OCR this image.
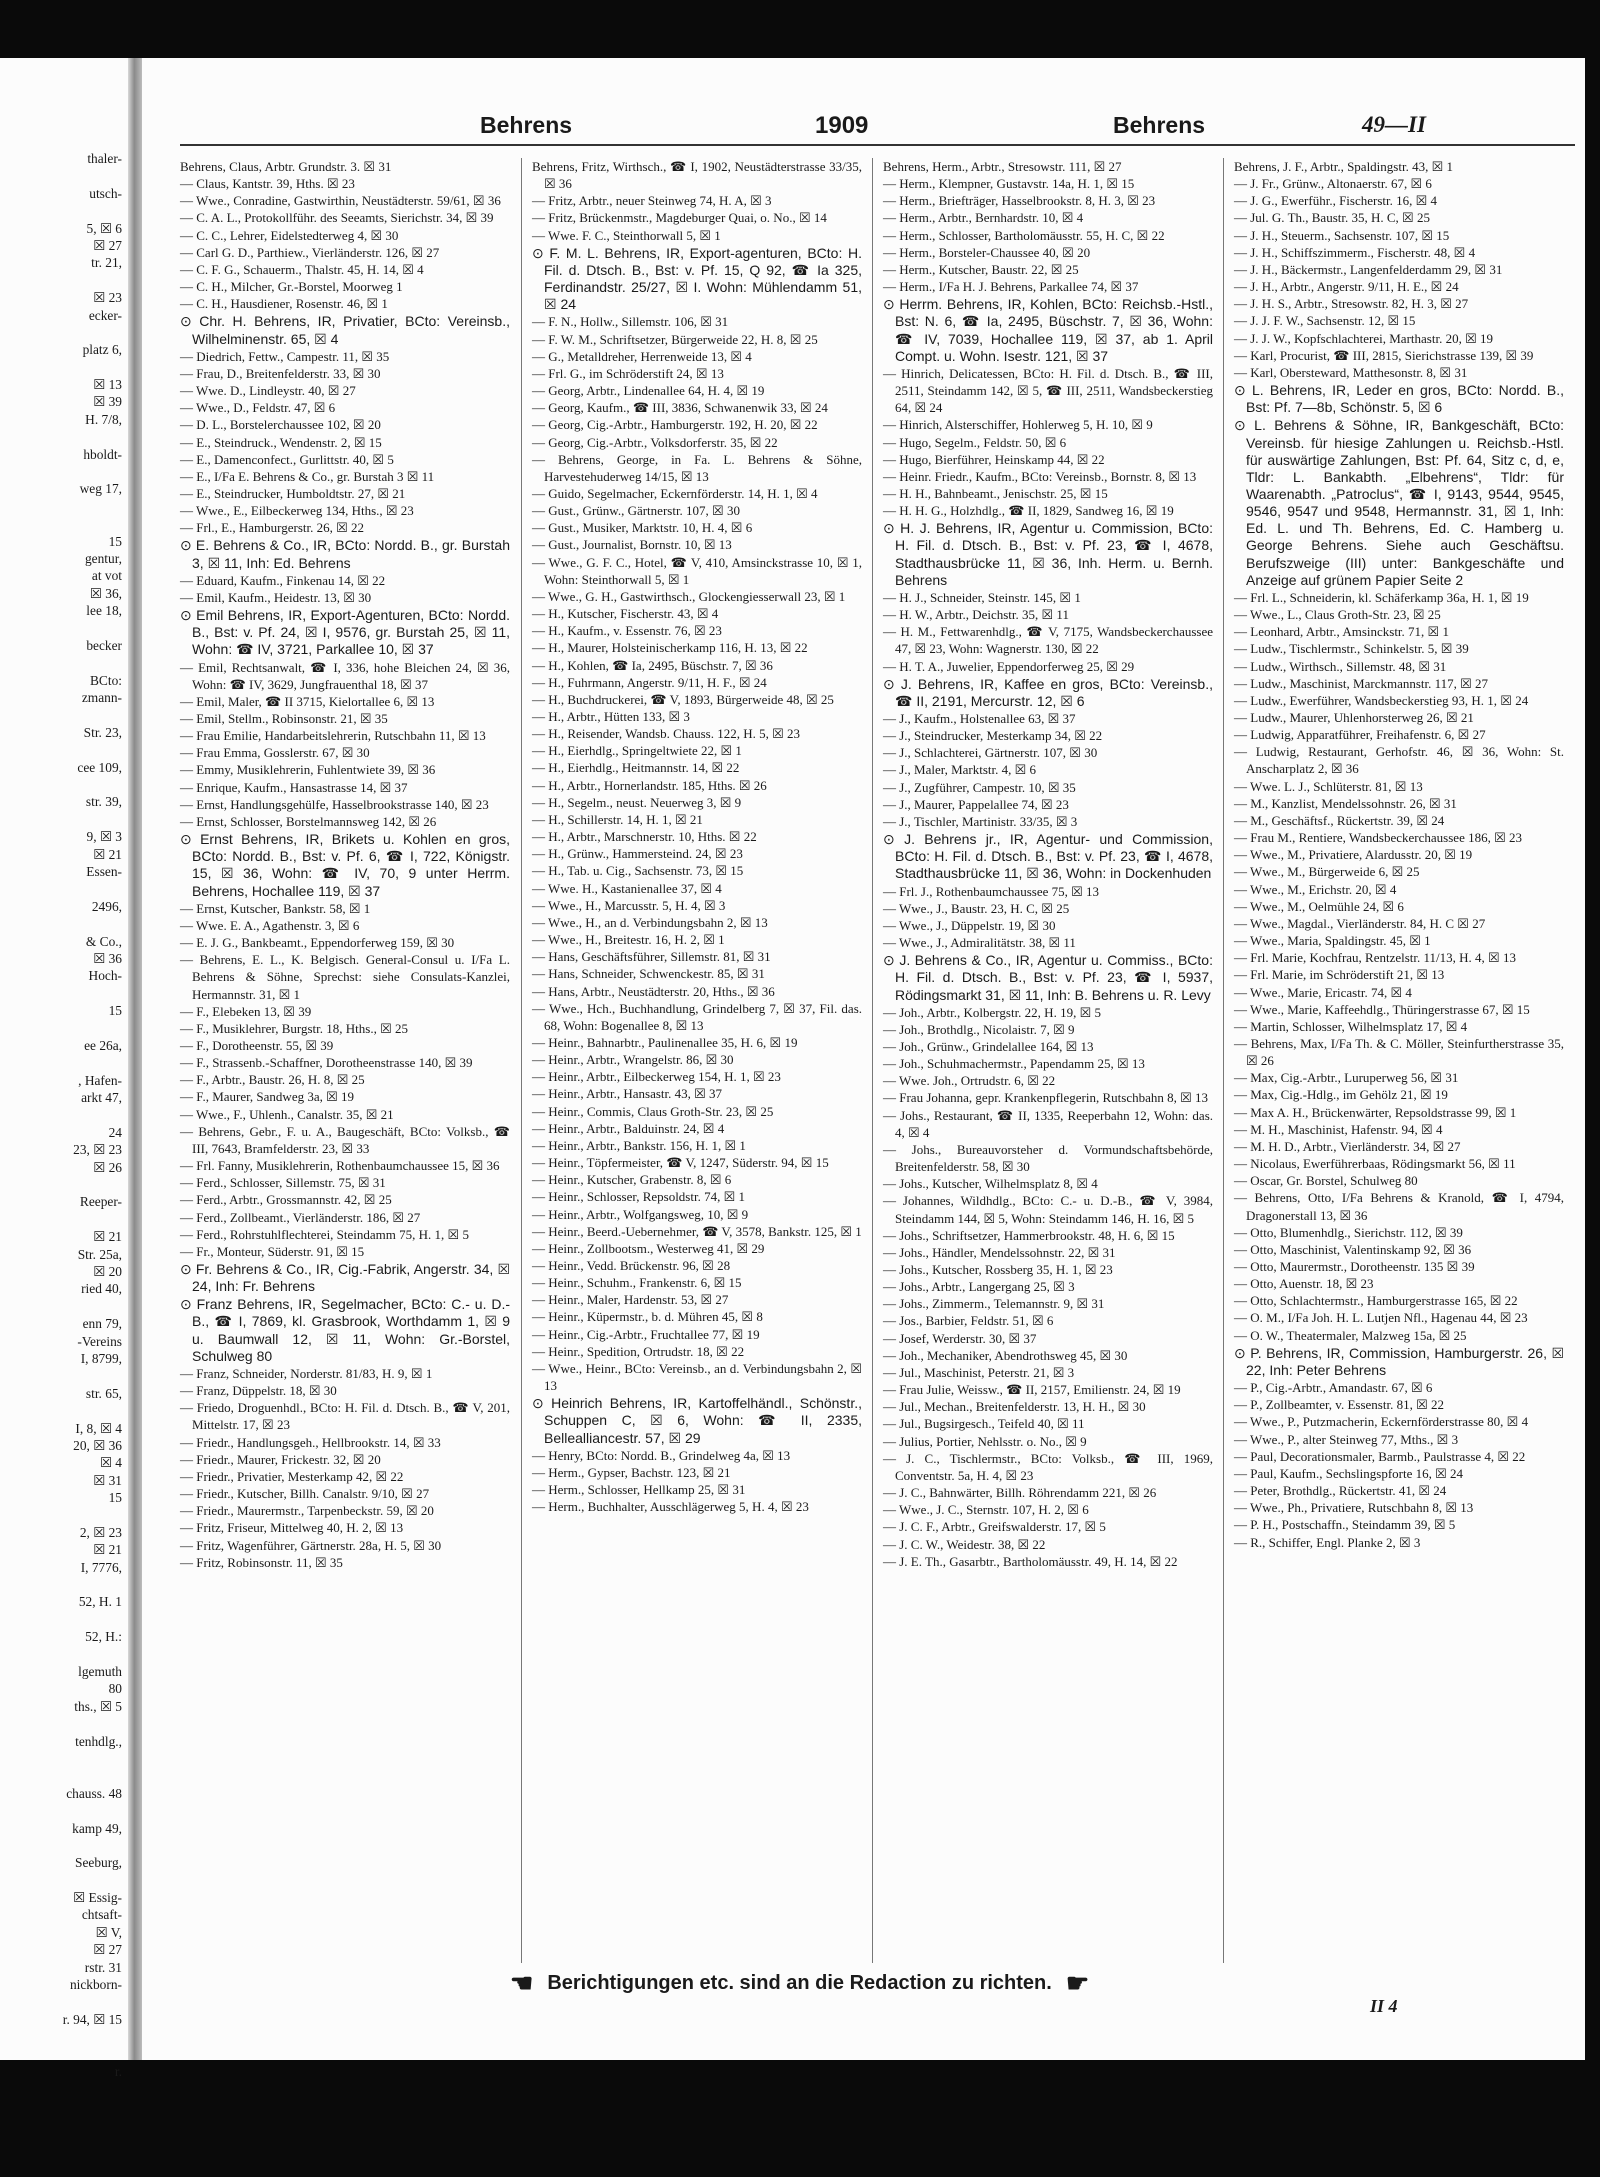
thaler-
utsch-
5, ☒ 6
☒ 27
tr. 21,
☒ 23
ecker-
platz 6,
☒ 13
☒ 39
H. 7/8,
hboldt-
weg 17,
15
gentur,
at vot
☒ 36,
lee 18,
becker
BCto:
zmann-
Str. 23,
cee 109,
str. 39,
9, ☒ 3
☒ 21
Essen-
2496,
& Co.,
☒ 36
Hoch-
15
ee 26a,
, Hafen-
arkt 47,
24
23, ☒ 23
☒ 26
Reeper-
☒ 21
Str. 25a,
☒ 20
ried 40,
enn 79,
-Vereins
I, 8799,
str. 65,
I, 8, ☒ 4
20, ☒ 36
☒ 4
☒ 31
15
2, ☒ 23
☒ 21
I, 7776,
52, H. 1
52, H.:
lgemuth
80
ths., ☒ 5
tenhdlg.,
chauss. 48
kamp 49,
Seeburg,
☒ Essig-
chtsaft-
☒ V,
☒ 27
rstr. 31
nickborn-
r. 94, ☒ 15
r.
Behrens	1909	Behrens	49—II

Behrens, Claus, Arbtr. Grundstr. 3. ☒ 31

— Claus, Kantstr. 39, Hths. ☒ 23

— Wwe., Conradine, Gastwirthin, Neustädterstr. 59/61, ☒ 36

— C. A. L., Protokollführ. des Seeamts, Sierichstr. 34, ☒ 39

— C. C., Lehrer, Eidelstedterweg 4, ☒ 30

— Carl G. D., Parthiew., Vierländerstr. 126, ☒ 27

— C. F. G., Schauerm., Thalstr. 45, H. 14, ☒ 4

— C. H., Milcher, Gr.-Borstel, Moorweg 1

— C. H., Hausdiener, Rosenstr. 46, ☒ 1

⊙ Chr. H. Behrens, IR, Privatier, BCto: Vereinsb., Wilhelminenstr. 65, ☒ 4

— Diedrich, Fettw., Campestr. 11, ☒ 35

— Frau, D., Breitenfelderstr. 33, ☒ 30

— Wwe. D., Lindleystr. 40, ☒ 27

— Wwe., D., Feldstr. 47, ☒ 6

— D. L., Borstelerchaussee 102, ☒ 20

— E., Steindruck., Wendenstr. 2, ☒ 15

— E., Damenconfect., Gurlittstr. 40, ☒ 5

— E., I/Fa E. Behrens & Co., gr. Burstah 3 ☒ 11

— E., Steindrucker, Humboldtstr. 27, ☒ 21

— Wwe., E., Eilbeckerweg 134, Hths., ☒ 23

— Frl., E., Hamburgerstr. 26, ☒ 22

⊙ E. Behrens & Co., IR, BCto: Nordd. B., gr. Burstah 3, ☒ 11, Inh: Ed. Behrens

— Eduard, Kaufm., Finkenau 14, ☒ 22

— Emil, Kaufm., Heidestr. 13, ☒ 30

⊙ Emil Behrens, IR, Export-Agenturen, BCto: Nordd. B., Bst: v. Pf. 24, ☒ I, 9576, gr. Burstah 25, ☒ 11, Wohn: ☎ IV, 3721, Parkallee 10, ☒ 37

— Emil, Rechtsanwalt, ☎ I, 336, hohe Bleichen 24, ☒ 36, Wohn: ☎ IV, 3629, Jungfrauenthal 18, ☒ 37

— Emil, Maler, ☎ II 3715, Kielortallee 6, ☒ 13

— Emil, Stellm., Robinsonstr. 21, ☒ 35

— Frau Emilie, Handarbeitslehrerin, Rutschbahn 11, ☒ 13

— Frau Emma, Gosslerstr. 67, ☒ 30

— Emmy, Musiklehrerin, Fuhlentwiete 39, ☒ 36

— Enrique, Kaufm., Hansastrasse 14, ☒ 37

— Ernst, Handlungsgehülfe, Hasselbrookstrasse 140, ☒ 23

— Ernst, Schlosser, Borstelmannsweg 142, ☒ 26

⊙ Ernst Behrens, IR, Brikets u. Kohlen en gros, BCto: Nordd. B., Bst: v. Pf. 6, ☎ I, 722, Königstr. 15, ☒ 36, Wohn: ☎ IV, 70, 9 unter Herrm. Behrens, Hochallee 119, ☒ 37

— Ernst, Kutscher, Bankstr. 58, ☒ 1

— Wwe. E. A., Agathenstr. 3, ☒ 6

— E. J. G., Bankbeamt., Eppendorferweg 159, ☒ 30

— Behrens, E. L., K. Belgisch. General-Consul u. I/Fa L. Behrens & Söhne, Sprechst: siehe Consulats-Kanzlei, Hermannstr. 31, ☒ 1

— F., Elebeken 13, ☒ 39

— F., Musiklehrer, Burgstr. 18, Hths., ☒ 25

— F., Dorotheenstr. 55, ☒ 39

— F., Strassenb.-Schaffner, Dorotheenstrasse 140, ☒ 39

— F., Arbtr., Baustr. 26, H. 8, ☒ 25

— F., Maurer, Sandweg 3a, ☒ 19

— Wwe., F., Uhlenh., Canalstr. 35, ☒ 21

— Behrens, Gebr., F. u. A., Baugeschäft, BCto: Volksb., ☎ III, 7643, Bramfelderstr. 23, ☒ 33

— Frl. Fanny, Musiklehrerin, Rothenbaumchaussee 15, ☒ 36

— Ferd., Schlosser, Sillemstr. 75, ☒ 31

— Ferd., Arbtr., Grossmannstr. 42, ☒ 25

— Ferd., Zollbeamt., Vierländerstr. 186, ☒ 27

— Ferd., Rohrstuhlflechterei, Steindamm 75, H. 1, ☒ 5

— Fr., Monteur, Süderstr. 91, ☒ 15

⊙ Fr. Behrens & Co., IR, Cig.-Fabrik, Angerstr. 34, ☒ 24, Inh: Fr. Behrens

⊙ Franz Behrens, IR, Segelmacher, BCto: C.- u. D.-B., ☎ I, 7869, kl. Grasbrook, Worthdamm 1, ☒ 9 u. Baumwall 12, ☒ 11, Wohn: Gr.-Borstel, Schulweg 80

— Franz, Schneider, Norderstr. 81/83, H. 9, ☒ 1

— Franz, Düppelstr. 18, ☒ 30

— Friedo, Droguenhdl., BCto: H. Fil. d. Dtsch. B., ☎ V, 201, Mittelstr. 17, ☒ 23

— Friedr., Handlungsgeh., Hellbrookstr. 14, ☒ 33

— Friedr., Maurer, Frickestr. 32, ☒ 20

— Friedr., Privatier, Mesterkamp 42, ☒ 22

— Friedr., Kutscher, Billh. Canalstr. 9/10, ☒ 27

— Friedr., Maurermstr., Tarpenbeckstr. 59, ☒ 20

— Fritz, Friseur, Mittelweg 40, H. 2, ☒ 13

— Fritz, Wagenführer, Gärtnerstr. 28a, H. 5, ☒ 30

— Fritz, Robinsonstr. 11, ☒ 35

Behrens, Fritz, Wirthsch., ☎ I, 1902, Neustädterstrasse 33/35, ☒ 36

— Fritz, Arbtr., neuer Steinweg 74, H. A, ☒ 3

— Fritz, Brückenmstr., Magdeburger Quai, o. No., ☒ 14

— Wwe. F. C., Steinthorwall 5, ☒ 1

⊙ F. M. L. Behrens, IR, Export-agenturen, BCto: H. Fil. d. Dtsch. B., Bst: v. Pf. 15, Q 92, ☎ Ia 325, Ferdinandstr. 25/27, ☒ I. Wohn: Mühlendamm 51, ☒ 24

— F. N., Hollw., Sillemstr. 106, ☒ 31

— F. W. M., Schriftsetzer, Bürgerweide 22, H. 8, ☒ 25

— G., Metalldreher, Herrenweide 13, ☒ 4

— Frl. G., im Schröderstift 24, ☒ 13

— Georg, Arbtr., Lindenallee 64, H. 4, ☒ 19

— Georg, Kaufm., ☎ III, 3836, Schwanenwik 33, ☒ 24

— Georg, Cig.-Arbtr., Hamburgerstr. 192, H. 20, ☒ 22

— Georg, Cig.-Arbtr., Volksdorferstr. 35, ☒ 22

— Behrens, George, in Fa. L. Behrens & Söhne, Harvestehuderweg 14/15, ☒ 13

— Guido, Segelmacher, Eckernförderstr. 14, H. 1, ☒ 4

— Gust., Grünw., Gärtnerstr. 107, ☒ 30

— Gust., Musiker, Marktstr. 10, H. 4, ☒ 6

— Gust., Journalist, Bornstr. 10, ☒ 13

— Wwe., G. F. C., Hotel, ☎ V, 410, Amsinckstrasse 10, ☒ 1, Wohn: Steinthorwall 5, ☒ 1

— Wwe., G. H., Gastwirthsch., Glockengiesserwall 23, ☒ 1

— H., Kutscher, Fischerstr. 43, ☒ 4

— H., Kaufm., v. Essenstr. 76, ☒ 23

— H., Maurer, Holsteinischerkamp 116, H. 13, ☒ 22

— H., Kohlen, ☎ Ia, 2495, Büschstr. 7, ☒ 36

— H., Fuhrmann, Angerstr. 9/11, H. F., ☒ 24

— H., Buchdruckerei, ☎ V, 1893, Bürgerweide 48, ☒ 25

— H., Arbtr., Hütten 133, ☒ 3

— H., Reisender, Wandsb. Chauss. 122, H. 5, ☒ 23

— H., Eierhdlg., Springeltwiete 22, ☒ 1

— H., Eierhdlg., Heitmannstr. 14, ☒ 22

— H., Arbtr., Hornerlandstr. 185, Hths. ☒ 26

— H., Segelm., neust. Neuerweg 3, ☒ 9

— H., Schillerstr. 14, H. 1, ☒ 21

— H., Arbtr., Marschnerstr. 10, Hths. ☒ 22

— H., Grünw., Hammersteind. 24, ☒ 23

— H., Tab. u. Cig., Sachsenstr. 73, ☒ 15

— Wwe. H., Kastanienallee 37, ☒ 4

— Wwe., H., Marcusstr. 5, H. 4, ☒ 3

— Wwe., H., an d. Verbindungsbahn 2, ☒ 13

— Wwe., H., Breitestr. 16, H. 2, ☒ 1

— Hans, Geschäftsführer, Sillemstr. 81, ☒ 31

— Hans, Schneider, Schwenckestr. 85, ☒ 31

— Hans, Arbtr., Neustädterstr. 20, Hths., ☒ 36

— Wwe., Hch., Buchhandlung, Grindelberg 7, ☒ 37, Fil. das. 68, Wohn: Bogenallee 8, ☒ 13

— Heinr., Bahnarbtr., Paulinenallee 35, H. 6, ☒ 19

— Heinr., Arbtr., Wrangelstr. 86, ☒ 30

— Heinr., Arbtr., Eilbeckerweg 154, H. 1, ☒ 23

— Heinr., Arbtr., Hansastr. 43, ☒ 37

— Heinr., Commis, Claus Groth-Str. 23, ☒ 25

— Heinr., Arbtr., Balduinstr. 24, ☒ 4

— Heinr., Arbtr., Bankstr. 156, H. 1, ☒ 1

— Heinr., Töpfermeister, ☎ V, 1247, Süderstr. 94, ☒ 15

— Heinr., Kutscher, Grabenstr. 8, ☒ 6

— Heinr., Schlosser, Repsoldstr. 74, ☒ 1

— Heinr., Arbtr., Wolfgangsweg, 10, ☒ 9

— Heinr., Beerd.-Uebernehmer, ☎ V, 3578, Bankstr. 125, ☒ 1

— Heinr., Zollbootsm., Westerweg 41, ☒ 29

— Heinr., Vedd. Brückenstr. 96, ☒ 28

— Heinr., Schuhm., Frankenstr. 6, ☒ 15

— Heinr., Maler, Hardenstr. 53, ☒ 27

— Heinr., Küpermstr., b. d. Mühren 45, ☒ 8

— Heinr., Cig.-Arbtr., Fruchtallee 77, ☒ 19

— Heinr., Spedition, Ortrudstr. 18, ☒ 22

— Wwe., Heinr., BCto: Vereinsb., an d. Verbindungsbahn 2, ☒ 13

⊙ Heinrich Behrens, IR, Kartoffelhändl., Schönstr., Schuppen C, ☒ 6, Wohn: ☎ II, 2335, Bellealliancestr. 57, ☒ 29

— Henry, BCto: Nordd. B., Grindelweg 4a, ☒ 13

— Herm., Gypser, Bachstr. 123, ☒ 21

— Herm., Schlosser, Hellkamp 25, ☒ 31

— Herm., Buchhalter, Ausschlägerweg 5, H. 4, ☒ 23

Behrens, Herm., Arbtr., Stresowstr. 111, ☒ 27

— Herm., Klempner, Gustavstr. 14a, H. 1, ☒ 15

— Herm., Briefträger, Hasselbrookstr. 8, H. 3, ☒ 23

— Herm., Arbtr., Bernhardstr. 10, ☒ 4

— Herm., Schlosser, Bartholomäusstr. 55, H. C, ☒ 22

— Herm., Borsteler-Chaussee 40, ☒ 20

— Herm., Kutscher, Baustr. 22, ☒ 25

— Herm., I/Fa H. J. Behrens, Parkallee 74, ☒ 37

⊙ Herrm. Behrens, IR, Kohlen, BCto: Reichsb.-Hstl., Bst: N. 6, ☎ Ia, 2495, Büschstr. 7, ☒ 36, Wohn: ☎ IV, 7039, Hochallee 119, ☒ 37, ab 1. April Compt. u. Wohn. Isestr. 121, ☒ 37

— Hinrich, Delicatessen, BCto: H. Fil. d. Dtsch. B., ☎ III, 2511, Steindamm 142, ☒ 5, ☎ III, 2511, Wandsbeckerstieg 64, ☒ 24

— Hinrich, Alsterschiffer, Hohlerweg 5, H. 10, ☒ 9

— Hugo, Segelm., Feldstr. 50, ☒ 6

— Hugo, Bierführer, Heinskamp 44, ☒ 22

— Heinr. Friedr., Kaufm., BCto: Vereinsb., Bornstr. 8, ☒ 13

— H. H., Bahnbeamt., Jenischstr. 25, ☒ 15

— H. H. G., Holzhdlg., ☎ II, 1829, Sandweg 16, ☒ 19

⊙ H. J. Behrens, IR, Agentur u. Commission, BCto: H. Fil. d. Dtsch. B., Bst: v. Pf. 23, ☎ I, 4678, Stadthausbrücke 11, ☒ 36, Inh. Herm. u. Bernh. Behrens

— H. J., Schneider, Steinstr. 145, ☒ 1

— H. W., Arbtr., Deichstr. 35, ☒ 11

— H. M., Fettwarenhdlg., ☎ V, 7175, Wandsbeckerchaussee 47, ☒ 23, Wohn: Wagnerstr. 130, ☒ 22

— H. T. A., Juwelier, Eppendorferweg 25, ☒ 29

⊙ J. Behrens, IR, Kaffee en gros, BCto: Vereinsb., ☎ II, 2191, Mercurstr. 12, ☒ 6

— J., Kaufm., Holstenallee 63, ☒ 37

— J., Steindrucker, Mesterkamp 34, ☒ 22

— J., Schlachterei, Gärtnerstr. 107, ☒ 30

— J., Maler, Marktstr. 4, ☒ 6

— J., Zugführer, Campestr. 10, ☒ 35

— J., Maurer, Pappelallee 74, ☒ 23

— J., Tischler, Martinistr. 33/35, ☒ 3

⊙ J. Behrens jr., IR, Agentur- und Commission, BCto: H. Fil. d. Dtsch. B., Bst: v. Pf. 23, ☎ I, 4678, Stadthausbrücke 11, ☒ 36, Wohn: in Dockenhuden

— Frl. J., Rothenbaumchaussee 75, ☒ 13

— Wwe., J., Baustr. 23, H. C, ☒ 25

— Wwe., J., Düppelstr. 19, ☒ 30

— Wwe., J., Admiralitätstr. 38, ☒ 11

⊙ J. Behrens & Co., IR, Agentur u. Commiss., BCto: H. Fil. d. Dtsch. B., Bst: v. Pf. 23, ☎ I, 5937, Rödingsmarkt 31, ☒ 11, Inh: B. Behrens u. R. Levy

— Joh., Arbtr., Kolbergstr. 22, H. 19, ☒ 5

— Joh., Brothdlg., Nicolaistr. 7, ☒ 9

— Joh., Grünw., Grindelallee 164, ☒ 13

— Joh., Schuhmachermstr., Papendamm 25, ☒ 13

— Wwe. Joh., Ortrudstr. 6, ☒ 22

— Frau Johanna, gepr. Krankenpflegerin, Rutschbahn 8, ☒ 13

— Johs., Restaurant, ☎ II, 1335, Reeperbahn 12, Wohn: das. 4, ☒ 4

— Johs., Bureauvorsteher d. Vormundschaftsbehörde, Breitenfelderstr. 58, ☒ 30

— Johs., Kutscher, Wilhelmsplatz 8, ☒ 4

— Johannes, Wildhdlg., BCto: C.- u. D.-B., ☎ V, 3984, Steindamm 144, ☒ 5, Wohn: Steindamm 146, H. 16, ☒ 5

— Johs., Schriftsetzer, Hammerbrookstr. 48, H. 6, ☒ 15

— Johs., Händler, Mendelssohnstr. 22, ☒ 31

— Johs., Kutscher, Rossberg 35, H. 1, ☒ 23

— Johs., Arbtr., Langergang 25, ☒ 3

— Johs., Zimmerm., Telemannstr. 9, ☒ 31

— Jos., Barbier, Feldstr. 51, ☒ 6

— Josef, Werderstr. 30, ☒ 37

— Joh., Mechaniker, Abendrothsweg 45, ☒ 30

— Jul., Maschinist, Peterstr. 21, ☒ 3

— Frau Julie, Weissw., ☎ II, 2157, Emilienstr. 24, ☒ 19

— Jul., Mechan., Breitenfelderstr. 13, H. H., ☒ 30

— Jul., Bugsirgesch., Teifeld 40, ☒ 11

— Julius, Portier, Nehlsstr. o. No., ☒ 9

— J. C., Tischlermstr., BCto: Volksb., ☎ III, 1969, Conventstr. 5a, H. 4, ☒ 23

— J. C., Bahnwärter, Billh. Röhrendamm 221, ☒ 26

— Wwe., J. C., Sternstr. 107, H. 2, ☒ 6

— J. C. F., Arbtr., Greifswalderstr. 17, ☒ 5

— J. C. W., Weidestr. 38, ☒ 22

— J. E. Th., Gasarbtr., Bartholomäusstr. 49, H. 14, ☒ 22

Behrens, J. F., Arbtr., Spaldingstr. 43, ☒ 1

— J. Fr., Grünw., Altonaerstr. 67, ☒ 6

— J. G., Ewerführ., Fischerstr. 16, ☒ 4

— Jul. G. Th., Baustr. 35, H. C, ☒ 25

— J. H., Steuerm., Sachsenstr. 107, ☒ 15

— J. H., Schiffszimmerm., Fischerstr. 48, ☒ 4

— J. H., Bäckermstr., Langenfelderdamm 29, ☒ 31

— J. H., Arbtr., Angerstr. 9/11, H. E., ☒ 24

— J. H. S., Arbtr., Stresowstr. 82, H. 3, ☒ 27

— J. J. F. W., Sachsenstr. 12, ☒ 15

— J. J. W., Kopfschlachterei, Marthastr. 20, ☒ 19

— Karl, Procurist, ☎ III, 2815, Sierichstrasse 139, ☒ 39

— Karl, Obersteward, Matthesonstr. 8, ☒ 31

⊙ L. Behrens, IR, Leder en gros, BCto: Nordd. B., Bst: Pf. 7—8b, Schönstr. 5, ☒ 6

⊙ L. Behrens & Söhne, IR, Bankgeschäft, BCto: Vereinsb. für hiesige Zahlungen u. Reichsb.-Hstl. für auswärtige Zahlungen, Bst: Pf. 64, Sitz c, d, e, Tldr: L. Bankabth. „Elbehrens“, Tldr: für Waarenabth. „Patroclus“, ☎ I, 9143, 9544, 9545, 9546, 9547 und 9548, Hermannstr. 31, ☒ 1, Inh: Ed. L. und Th. Behrens, Ed. C. Hamberg u. George Behrens. Siehe auch Geschäftsu. Berufszweige (III) unter: Bankgeschäfte und Anzeige auf grünem Papier Seite 2

— Frl. L., Schneiderin, kl. Schäferkamp 36a, H. 1, ☒ 19

— Wwe., L., Claus Groth-Str. 23, ☒ 25

— Leonhard, Arbtr., Amsinckstr. 71, ☒ 1

— Ludw., Tischlermstr., Schinkelstr. 5, ☒ 39

— Ludw., Wirthsch., Sillemstr. 48, ☒ 31

— Ludw., Maschinist, Marckmannstr. 117, ☒ 27

— Ludw., Ewerführer, Wandsbeckerstieg 93, H. 1, ☒ 24

— Ludw., Maurer, Uhlenhorsterweg 26, ☒ 21

— Ludwig, Apparatführer, Freihafenstr. 6, ☒ 27

— Ludwig, Restaurant, Gerhofstr. 46, ☒ 36, Wohn: St. Anscharplatz 2, ☒ 36

— Wwe. L. J., Schlüterstr. 81, ☒ 13

— M., Kanzlist, Mendelssohnstr. 26, ☒ 31

— M., Geschäftsf., Rückertstr. 39, ☒ 24

— Frau M., Rentiere, Wandsbeckerchaussee 186, ☒ 23

— Wwe., M., Privatiere, Alardusstr. 20, ☒ 19

— Wwe., M., Bürgerweide 6, ☒ 25

— Wwe., M., Erichstr. 20, ☒ 4

— Wwe., M., Oelmühle 24, ☒ 6

— Wwe., Magdal., Vierländerstr. 84, H. C ☒ 27

— Wwe., Maria, Spaldingstr. 45, ☒ 1

— Frl. Marie, Kochfrau, Rentzelstr. 11/13, H. 4, ☒ 13

— Frl. Marie, im Schröderstift 21, ☒ 13

— Wwe., Marie, Ericastr. 74, ☒ 4

— Wwe., Marie, Kaffeehdlg., Thüringerstrasse 67, ☒ 15

— Martin, Schlosser, Wilhelmsplatz 17, ☒ 4

— Behrens, Max, I/Fa Th. & C. Möller, Steinfurtherstrasse 35, ☒ 26

— Max, Cig.-Arbtr., Luruperweg 56, ☒ 31

— Max, Cig.-Hdlg., im Gehölz 21, ☒ 19

— Max A. H., Brückenwärter, Repsoldstrasse 99, ☒ 1

— M. H., Maschinist, Hafenstr. 94, ☒ 4

— M. H. D., Arbtr., Vierländerstr. 34, ☒ 27

— Nicolaus, Ewerführerbaas, Rödingsmarkt 56, ☒ 11

— Oscar, Gr. Borstel, Schulweg 80

— Behrens, Otto, I/Fa Behrens & Kranold, ☎ I, 4794, Dragonerstall 13, ☒ 36

— Otto, Blumenhdlg., Sierichstr. 112, ☒ 39

— Otto, Maschinist, Valentinskamp 92, ☒ 36

— Otto, Maurermstr., Dorotheenstr. 135 ☒ 39

— Otto, Auenstr. 18, ☒ 23

— Otto, Schlachtermstr., Hamburgerstrasse 165, ☒ 22

— O. M., I/Fa Joh. H. L. Lutjen Nfl., Hagenau 44, ☒ 23

— O. W., Theatermaler, Malzweg 15a, ☒ 25

⊙ P. Behrens, IR, Commission, Hamburgerstr. 26, ☒ 22, Inh: Peter Behrens

— P., Cig.-Arbtr., Amandastr. 67, ☒ 6

— P., Zollbeamter, v. Essenstr. 81, ☒ 22

— Wwe., P., Putzmacherin, Eckernförderstrasse 80, ☒ 4

— Wwe., P., alter Steinweg 77, Mths., ☒ 3

— Paul, Decorationsmaler, Barmb., Paulstrasse 4, ☒ 22

— Paul, Kaufm., Sechslingspforte 16, ☒ 24

— Peter, Brothdlg., Rückertstr. 41, ☒ 24

— Wwe., Ph., Privatiere, Rutschbahn 8, ☒ 13

— P. H., Postschaffn., Steindamm 39, ☒ 5

— R., Schiffer, Engl. Planke 2, ☒ 3

☚ Berichtigungen etc. sind an die Redaction zu richten. ☛
II 4
